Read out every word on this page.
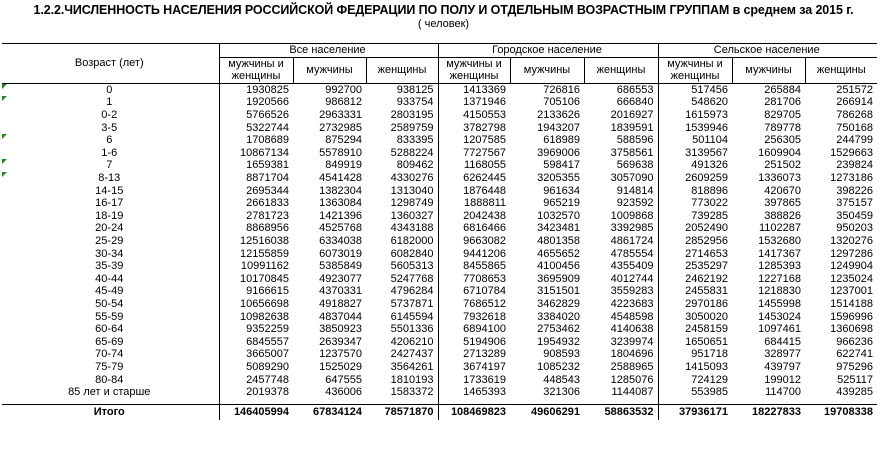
1.2.2.ЧИСЛЕННОСТЬ НАСЕЛЕНИЯ РОССИЙСКОЙ ФЕДЕРАЦИИ ПО ПОЛУ И ОТДЕЛЬНЫМ ВОЗРАСТНЫМ ГРУППАМ в среднем за 2015 г.
( человек)
Возраст (лет)	Все население			Городское население			Сельское население		
	мужчины и женщины	мужчины	женщины	мужчины и женщины	мужчины	женщины	мужчины и женщины	мужчины	женщины

0	1930825	992700	938125	1413369	726816	686553	517456	265884	251572

1	1920566	986812	933754	1371946	705106	666840	548620	281706	266914
0-2	5766526	2963331	2803195	4150553	2133626	2016927	1615973	829705	786268
3-5	5322744	2732985	2589759	3782798	1943207	1839591	1539946	789778	750168

6	1708689	875294	833395	1207585	618989	588596	501104	256305	244799
1-6	10867134	5578910	5288224	7727567	3969006	3758561	3139567	1609904	1529663

7	1659381	849919	809462	1168055	598417	569638	491326	251502	239824

8-13	8871704	4541428	4330276	6262445	3205355	3057090	2609259	1336073	1273186
14-15	2695344	1382304	1313040	1876448	961634	914814	818896	420670	398226
16-17	2661833	1363084	1298749	1888811	965219	923592	773022	397865	375157
18-19	2781723	1421396	1360327	2042438	1032570	1009868	739285	388826	350459
20-24	8868956	4525768	4343188	6816466	3423481	3392985	2052490	1102287	950203
25-29	12516038	6334038	6182000	9663082	4801358	4861724	2852956	1532680	1320276
30-34	12155859	6073019	6082840	9441206	4655652	4785554	2714653	1417367	1297286
35-39	10991162	5385849	5605313	8455865	4100456	4355409	2535297	1285393	1249904
40-44	10170845	4923077	5247768	7708653	3695909	4012744	2462192	1227168	1235024
45-49	9166615	4370331	4796284	6710784	3151501	3559283	2455831	1218830	1237001
50-54	10656698	4918827	5737871	7686512	3462829	4223683	2970186	1455998	1514188
55-59	10982638	4837044	6145594	7932618	3384020	4548598	3050020	1453024	1596996
60-64	9352259	3850923	5501336	6894100	2753462	4140638	2458159	1097461	1360698
65-69	6845557	2639347	4206210	5194906	1954932	3239974	1650651	684415	966236
70-74	3665007	1237570	2427437	2713289	908593	1804696	951718	328977	622741
75-79	5089290	1525029	3564261	3674197	1085232	2588965	1415093	439797	975296
80-84	2457748	647555	1810193	1733619	448543	1285076	724129	199012	525117
85 лет и старше	2019378	436006	1583372	1465393	321306	1144087	553985	114700	439285

Итого	146405994	67834124	78571870	108469823	49606291	58863532	37936171	18227833	19708338
